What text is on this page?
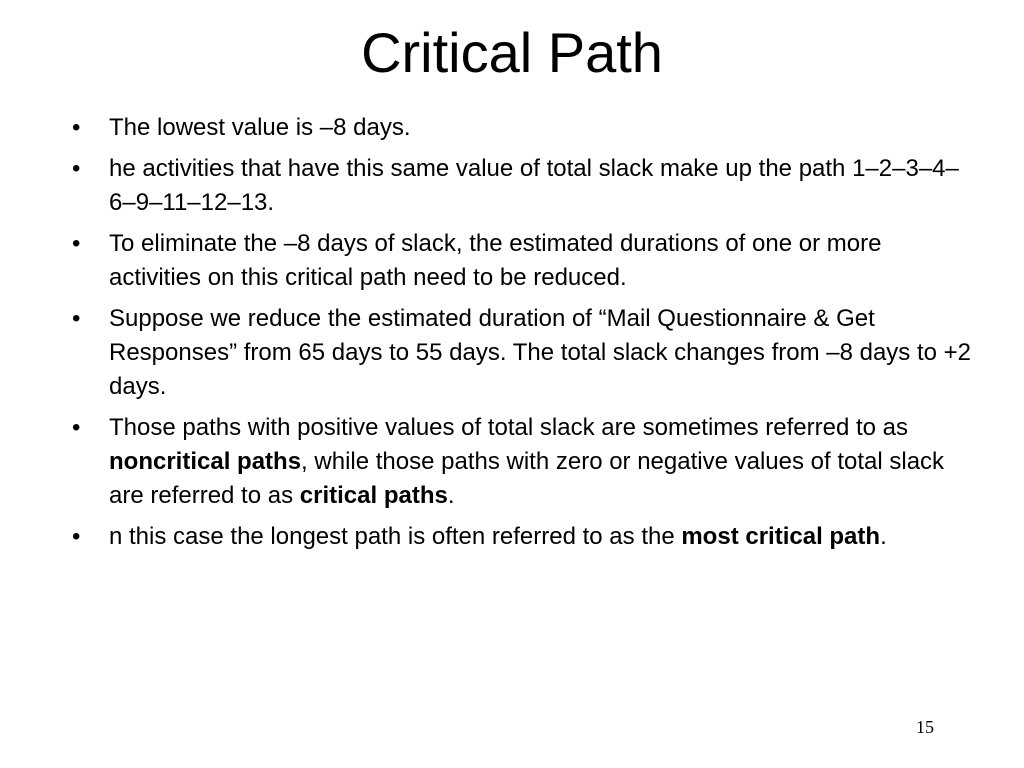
Critical Path
•	The lowest value is –8 days.
•	he activities that have this same value of total slack make up the path 1–2–3–4–6–9–11–12–13.
•	To eliminate the –8 days of slack, the estimated durations of one or more activities on this critical path need to be reduced.
•	Suppose we reduce the estimated duration of “Mail Questionnaire & Get Responses” from 65 days to 55 days. The total slack changes from –8 days to +2 days.
•	Those paths with positive values of total slack are sometimes referred to as noncritical paths, while those paths with zero or negative values of total slack are referred to as critical paths.
•	n this case the longest path is often referred to as the most critical path.
15
